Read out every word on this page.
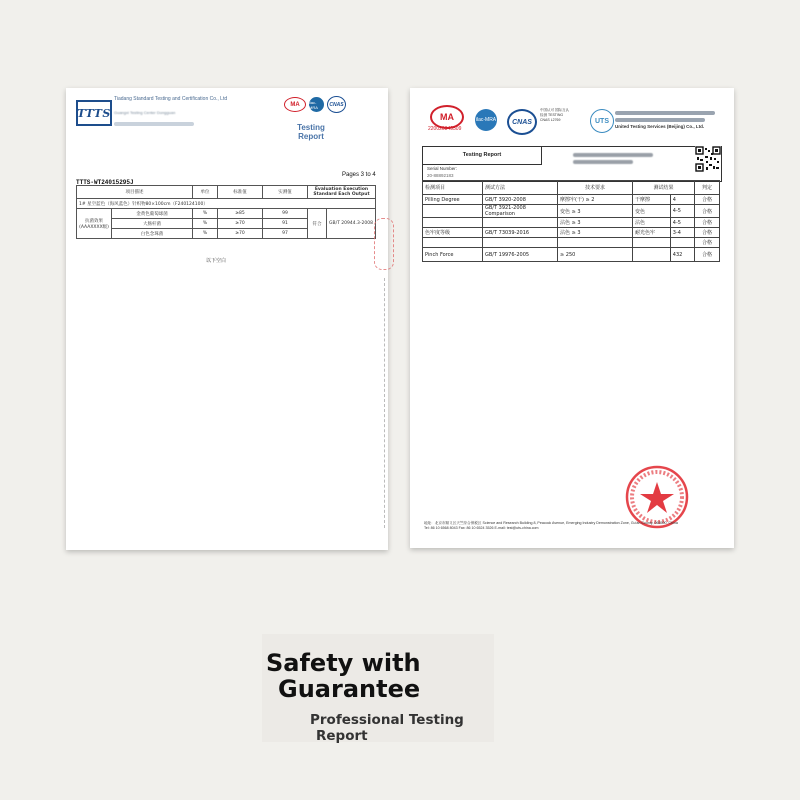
TTTS
Tiadang Standard Testing and Certification Co., Ltd
Guangxi Testing Center Dongguan
MA	ilac-MRA	CNAS
Testing
Report
TTTS-WT24015295J
Pages 3 to 4
项目描述		单位	标准值	实测值	Evaluation Execution Standard Each Output	
1# 星空蓝色（海风蓝色）针织物80×100cm（F240124100）						
抗菌效果
(AAAXXXX级)	金黄色葡萄球菌	%	≥85	99	符合	GB/T 20944.3-2008
	大肠杆菌	%	≥70	91		
	白色念珠菌	%	≥70	97		
以下空白
MA
220020349509
ilac-MRA	CNAS
中国认可 国际互认 检测 TESTING CNAS L2769	UTS
United Testing Services (Beijing) Co., Ltd.
Testing Report
Serial Number:
20-88892183
检测项目	测试方法	技术要求	测试结果		判定
Pilling Degree	GB/T 3920-2008	摩擦牢(干) ≥ 2	干摩擦	4	合格
	GB/T 3921-2008 Comparison	变色 ≥ 3	变色	4-5	合格
		沾色 ≥ 3	沾色	4-5	合格
色牢度等级	GB/T 73039-2016	沾色 ≥ 3	耐光色牢	3-4	合格
					合格
Pinch Force	GB/T 19976-2005	≥ 250		432	合格
地址：北京市顺义区天竺综合保税区 Science and Research Building 8, Peacock Avenue, Emerging Industry Demonstration Zone, Gu'an County, 065500, China
Tel: 86 10 6568 8043 Fax: 86 10 6524 3526 E-mail: test@uts-china.com
Safety with
Guarantee
Professional Testing
Report
